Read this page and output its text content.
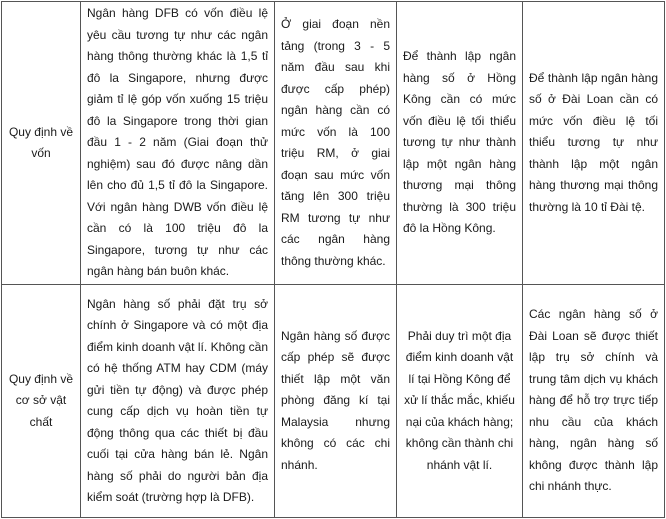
Quy định về vốn	Ngân hàng DFB có vốn điều lệ yêu cầu tương tự như các ngân hàng thông thường khác là 1,5 tỉ đô la Singapore, nhưng được giảm tỉ lệ góp vốn xuống 15 triệu đô la Singapore trong thời gian đầu 1 - 2 năm (Giai đoạn thử nghiệm) sau đó được nâng dần lên cho đủ 1,5 tỉ đô la Singapore. Với ngân hàng DWB vốn điều lệ cần có là 100 triệu đô la Singapore, tương tự như các ngân hàng bán buôn khác.	Ở giai đoạn nền tảng (trong 3 - 5 năm đầu sau khi được cấp phép) ngân hàng cần có mức vốn là 100 triệu RM, ở giai đoạn sau mức vốn tăng lên 300 triệu RM tương tự như các ngân hàng thông thường khác.	Để thành lập ngân hàng số ở Hồng Kông cần có mức vốn điều lệ tối thiểu tương tự như thành lập một ngân hàng thương mại thông thường là 300 triệu đô la Hồng Kông.	Để thành lập ngân hàng số ở Đài Loan cần có mức vốn điều lệ tối thiểu tương tự như thành lập một ngân hàng thương mại thông thường là 10 tỉ Đài tệ.
Quy định về cơ sở vật chất	Ngân hàng số phải đặt trụ sở chính ở Singapore và có một địa điểm kinh doanh vật lí. Không cần có hệ thống ATM hay CDM (máy gửi tiền tự động) và được phép cung cấp dịch vụ hoàn tiền tự động thông qua các thiết bị đầu cuối tại cửa hàng bán lẻ. Ngân hàng số phải do người bản địa kiểm soát (trường hợp là DFB).	Ngân hàng số được cấp phép sẽ được thiết lập một văn phòng đăng kí tại Malaysia nhưng không có các chi nhánh.	Phải duy trì một địa điểm kinh doanh vật lí tại Hồng Kông để xử lí thắc mắc, khiếu nại của khách hàng; không cần thành chi nhánh vật lí.	Các ngân hàng số ở Đài Loan sẽ được thiết lập trụ sở chính và trung tâm dịch vụ khách hàng để hỗ trợ trực tiếp nhu cầu của khách hàng, ngân hàng số không được thành lập chi nhánh thực.
